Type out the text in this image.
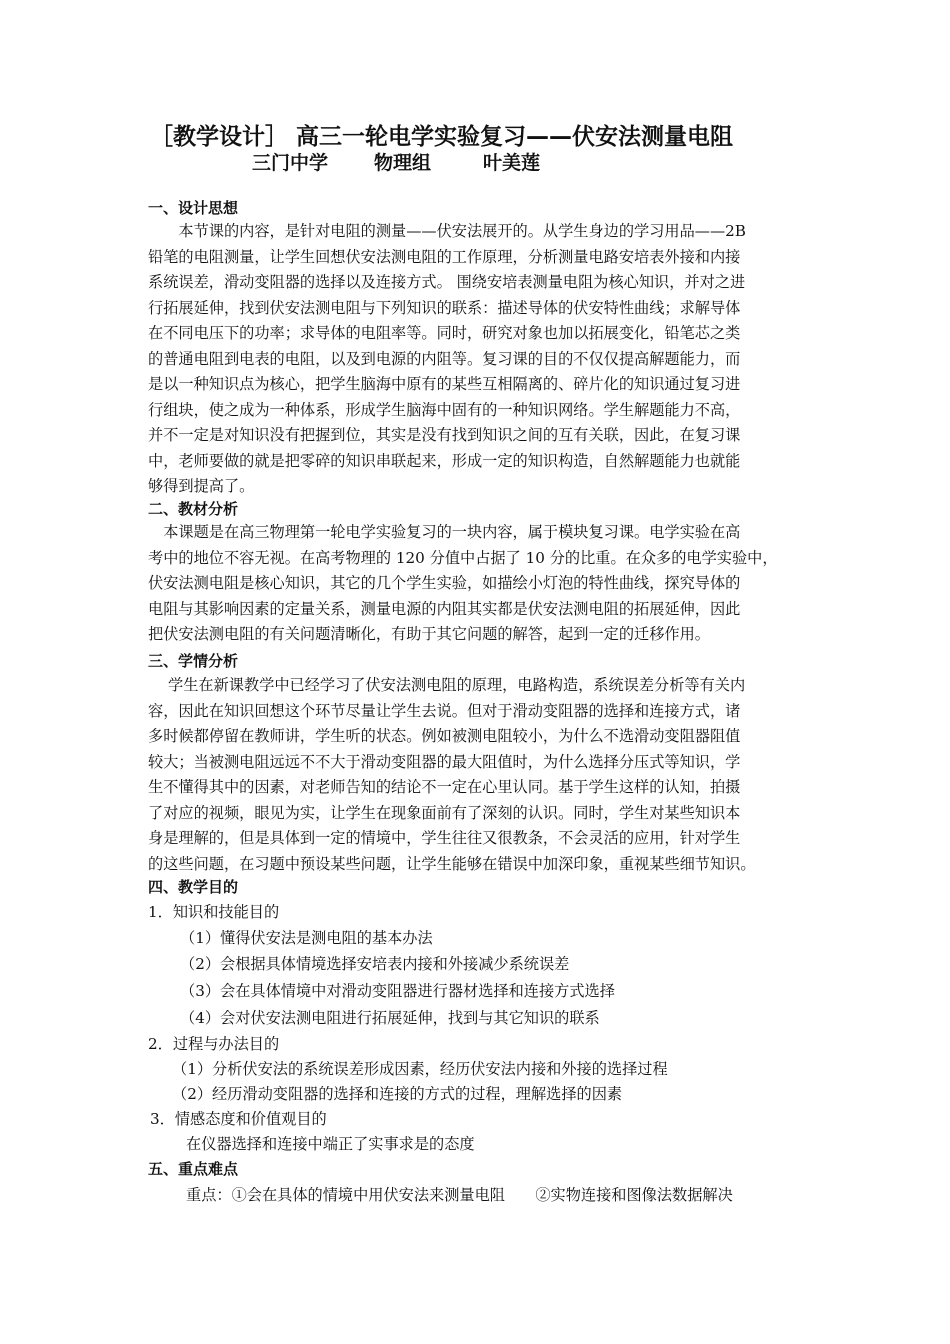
［教学设计］ 高三一轮电学实验复习——伏安法测量电阻
三门中学 物理组	叶美莲
一、设计思想
　　本节课的内容，是针对电阻的测量——伏安法展开的。从学生身边的学习用品——2B
铅笔的电阻测量，让学生回想伏安法测电阻的工作原理，分析测量电路安培表外接和内接
系统误差，滑动变阻器的选择以及连接方式。 围绕安培表测量电阻为核心知识，并对之进
行拓展延伸，找到伏安法测电阻与下列知识的联系：描述导体的伏安特性曲线；求解导体
在不同电压下的功率；求导体的电阻率等。同时，研究对象也加以拓展变化，铅笔芯之类
的普通电阻到电表的电阻，以及到电源的内阻等。复习课的目的不仅仅提高解题能力，而
是以一种知识点为核心，把学生脑海中原有的某些互相隔离的、碎片化的知识通过复习进
行组块，使之成为一种体系，形成学生脑海中固有的一种知识网络。学生解题能力不高，
并不一定是对知识没有把握到位，其实是没有找到知识之间的互有关联，因此，在复习课
中，老师要做的就是把零碎的知识串联起来，形成一定的知识构造，自然解题能力也就能
够得到提高了。
二、教材分析
　本课题是在高三物理第一轮电学实验复习的一块内容，属于模块复习课。电学实验在高
考中的地位不容无视。在高考物理的 120 分值中占据了 10 分的比重。在众多的电学实验中，
伏安法测电阻是核心知识，其它的几个学生实验，如描绘小灯泡的特性曲线，探究导体的
电阻与其影响因素的定量关系，测量电源的内阻其实都是伏安法测电阻的拓展延伸，因此
把伏安法测电阻的有关问题清晰化，有助于其它问题的解答，起到一定的迁移作用。
三、学情分析
　 学生在新课教学中已经学习了伏安法测电阻的原理，电路构造，系统误差分析等有关内
容，因此在知识回想这个环节尽量让学生去说。但对于滑动变阻器的选择和连接方式，诸
多时候都停留在教师讲，学生听的状态。例如被测电阻较小，为什么不选滑动变阻器阻值
较大；当被测电阻远远不不大于滑动变阻器的最大阻值时，为什么选择分压式等知识，学
生不懂得其中的因素，对老师告知的结论不一定在心里认同。基于学生这样的认知，拍摄
了对应的视频，眼见为实，让学生在现象面前有了深刻的认识。同时，学生对某些知识本
身是理解的，但是具体到一定的情境中，学生往往又很教条，不会灵活的应用，针对学生
的这些问题，在习题中预设某些问题，让学生能够在错误中加深印象，重视某些细节知识。
四、教学目的
1．知识和技能目的
（1）懂得伏安法是测电阻的基本办法
（2）会根据具体情境选择安培表内接和外接减少系统误差
（3）会在具体情境中对滑动变阻器进行器材选择和连接方式选择
（4）会对伏安法测电阻进行拓展延伸，找到与其它知识的联系
2．过程与办法目的
（1）分析伏安法的系统误差形成因素，经历伏安法内接和外接的选择过程
（2）经历滑动变阻器的选择和连接的方式的过程，理解选择的因素
3．情感态度和价值观目的
在仪器选择和连接中端正了实事求是的态度
五、重点难点
重点：①会在具体的情境中用伏安法来测量电阻　　②实物连接和图像法数据解决
